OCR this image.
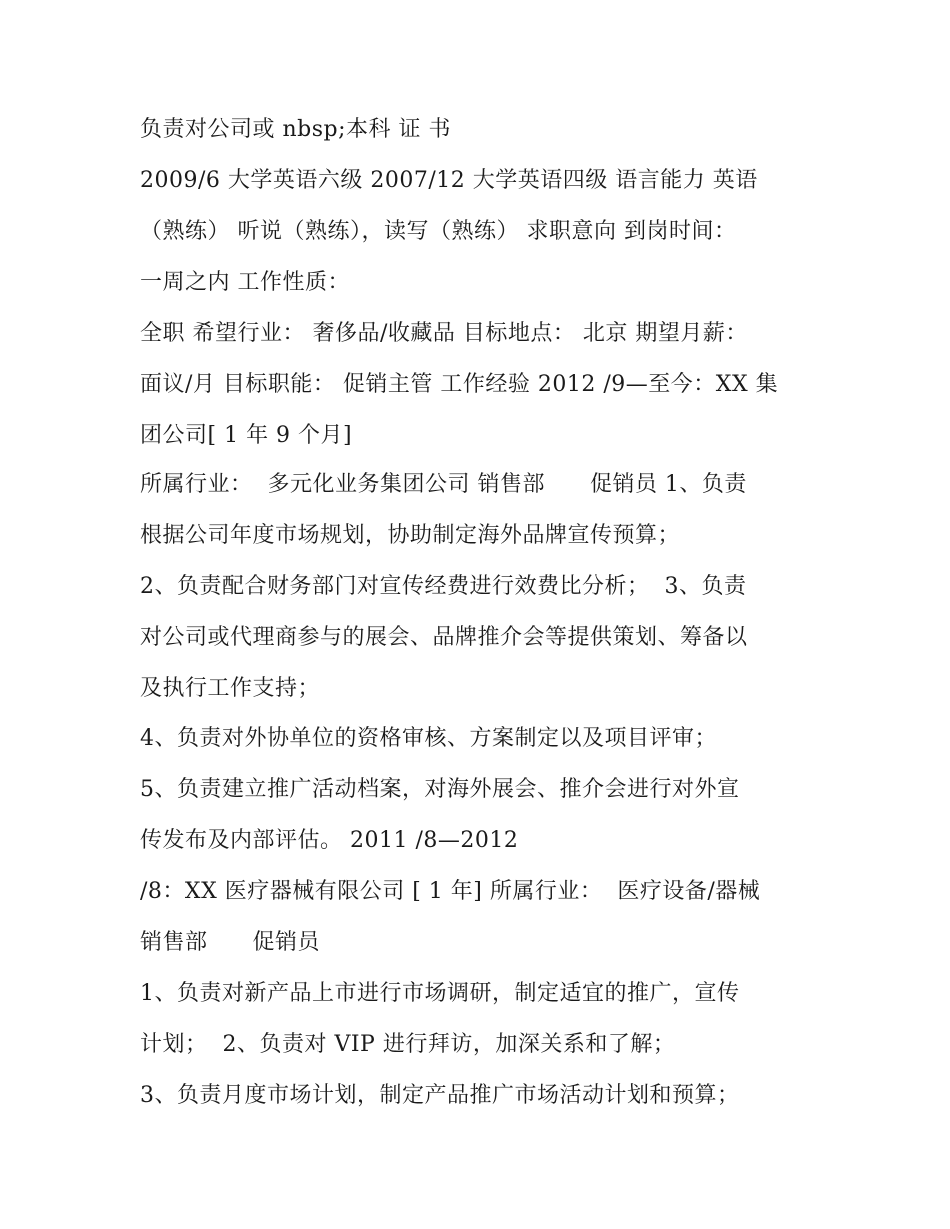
负责对公司或 nbsp;本科 证 书

2009/6 大学英语六级 2007/12 大学英语四级 语言能力 英语

（熟练） 听说（熟练），读写（熟练） 求职意向 到岗时间：

一周之内 工作性质：

全职 希望行业： 奢侈品/收藏品 目标地点： 北京 期望月薪：

面议/月 目标职能： 促销主管 工作经验 2012 /9—至今：XX 集

团公司[ 1 年 9 个月]

所属行业：  多元化业务集团公司 销售部      促销员 1、负责

根据公司年度市场规划，协助制定海外品牌宣传预算；

2、负责配合财务部门对宣传经费进行效费比分析；  3、负责

对公司或代理商参与的展会、品牌推介会等提供策划、筹备以

及执行工作支持；

4、负责对外协单位的资格审核、方案制定以及项目评审；

5、负责建立推广活动档案，对海外展会、推介会进行对外宣

传发布及内部评估。 2011 /8—2012

/8：XX 医疗器械有限公司 [ 1 年] 所属行业：  医疗设备/器械

销售部      促销员

1、负责对新产品上市进行市场调研，制定适宜的推广，宣传

计划；  2、负责对 VIP 进行拜访，加深关系和了解；

3、负责月度市场计划，制定产品推广市场活动计划和预算；
